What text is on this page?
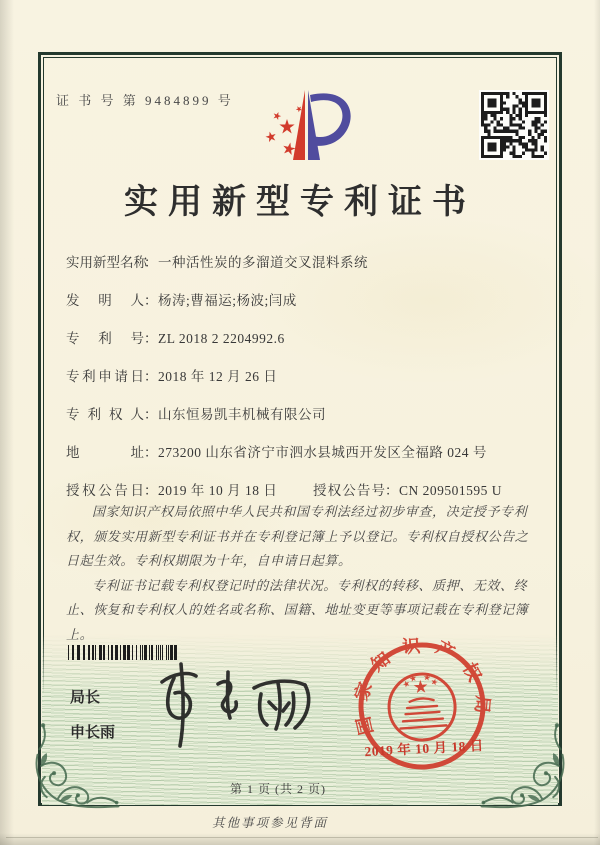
证 书 号 第 9484899 号
实用新型专利证书
实用新型名称：一种活性炭的多溜道交叉混料系统
发明人：杨涛;曹福运;杨波;闫成
专利号：ZL 2018 2 2204992.6
专利申请日：2018 年 12 月 26 日
专利权人：山东恒易凯丰机械有限公司
地址：273200 山东省济宁市泗水县城西开发区全福路 024 号
授权公告日：2019 年 10 月 18 日	授权公告号：CN 209501595 U

国家知识产权局依照中华人民共和国专利法经过初步审查，决定授予专利权，颁发实用新型专利证书并在专利登记簿上予以登记。专利权自授权公告之日起生效。专利权期限为十年，自申请日起算。

专利证书记载专利权登记时的法律状况。专利权的转移、质押、无效、终止、恢复和专利权人的姓名或名称、国籍、地址变更等事项记载在专利登记簿上。

局长
申长雨	国家知识产权局
2019 年 10 月 18 日
第 1 页 (共 2 页)
其他事项参见背面
